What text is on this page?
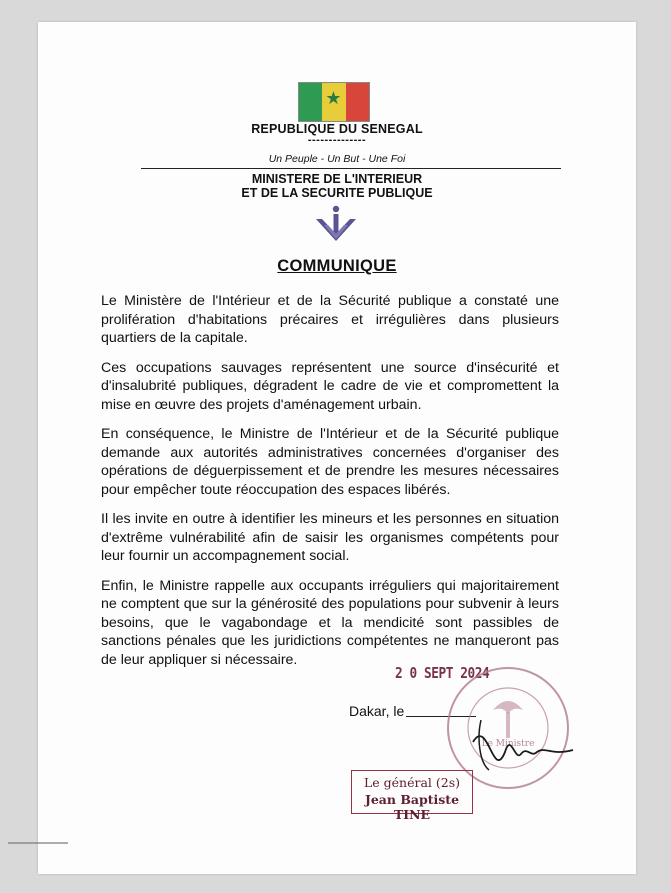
★
REPUBLIQUE DU SENEGAL
--------------
Un Peuple - Un But - Une Foi
MINISTERE DE L'INTERIEUR
ET DE LA SECURITE PUBLIQUE
COMMUNIQUE

Le Ministère de l'Intérieur et de la Sécurité publique a constaté une prolifération d'habitations précaires et irrégulières dans plusieurs quartiers de la capitale.

Ces occupations sauvages représentent une source d'insécurité et d'insalubrité publiques, dégradent le cadre de vie et compromettent la mise en œuvre des projets d'aménagement urbain.

En conséquence, le Ministre de l'Intérieur et de la Sécurité publique demande aux autorités administratives concernées d'organiser des opérations de déguerpissement et de prendre les mesures nécessaires pour empêcher toute réoccupation des espaces libérés.

Il les invite en outre à identifier les mineurs et les personnes en situation d'extrême vulnérabilité afin de saisir les organismes compétents pour leur fournir un accompagnement social.

Enfin, le Ministre rappelle aux occupants irréguliers qui majoritairement ne comptent que sur la générosité des populations pour subvenir à leurs besoins, que le vagabondage et la mendicité sont passibles de sanctions pénales que les juridictions compétentes ne manqueront pas de leur appliquer si nécessaire.

2 0 SEPT 2024
Dakar, le
Le Ministre
Le général (2s)
Jean Baptiste TINE
